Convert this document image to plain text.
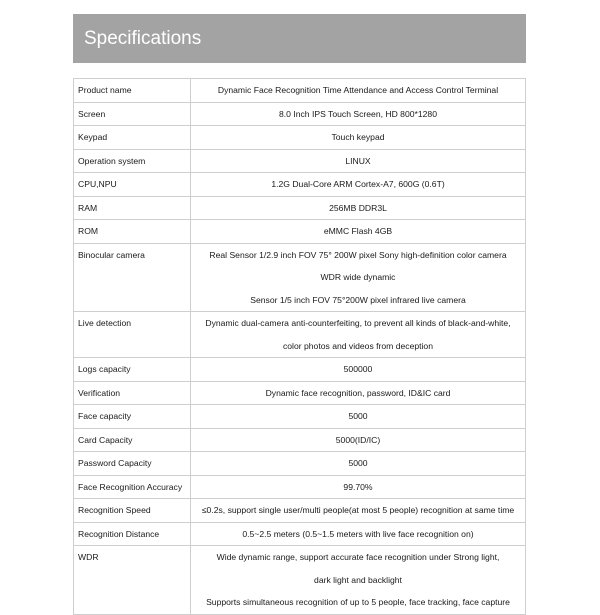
Specifications
Product name	Dynamic Face Recognition Time Attendance and Access Control Terminal

Screen	8.0 Inch IPS Touch Screen, HD 800*1280

Keypad	Touch keypad

Operation system	LINUX

CPU,NPU	1.2G Dual-Core ARM Cortex-A7, 600G (0.6T)

RAM	256MB DDR3L

ROM	eMMC Flash 4GB

Binocular camera	Real Sensor 1/2.9 inch FOV 75° 200W pixel Sony high-definition color camera
WDR wide dynamic
Sensor 1/5 inch FOV 75°200W pixel infrared live camera

Live detection	Dynamic dual-camera anti-counterfeiting, to prevent all kinds of black-and-white,
color photos and videos from deception

Logs capacity	500000

Verification	Dynamic face recognition, password, ID&IC card

Face capacity	5000

Card Capacity	5000(ID/IC)

Password Capacity	5000

Face Recognition Accuracy	99.70%

Recognition Speed	≤0.2s, support single user/multi people(at most 5 people) recognition at same time

Recognition Distance	0.5~2.5 meters (0.5~1.5 meters with live face recognition on)

WDR	Wide dynamic range, support accurate face recognition under Strong light,
dark light and backlight
Supports simultaneous recognition of up to 5 people, face tracking, face capture
